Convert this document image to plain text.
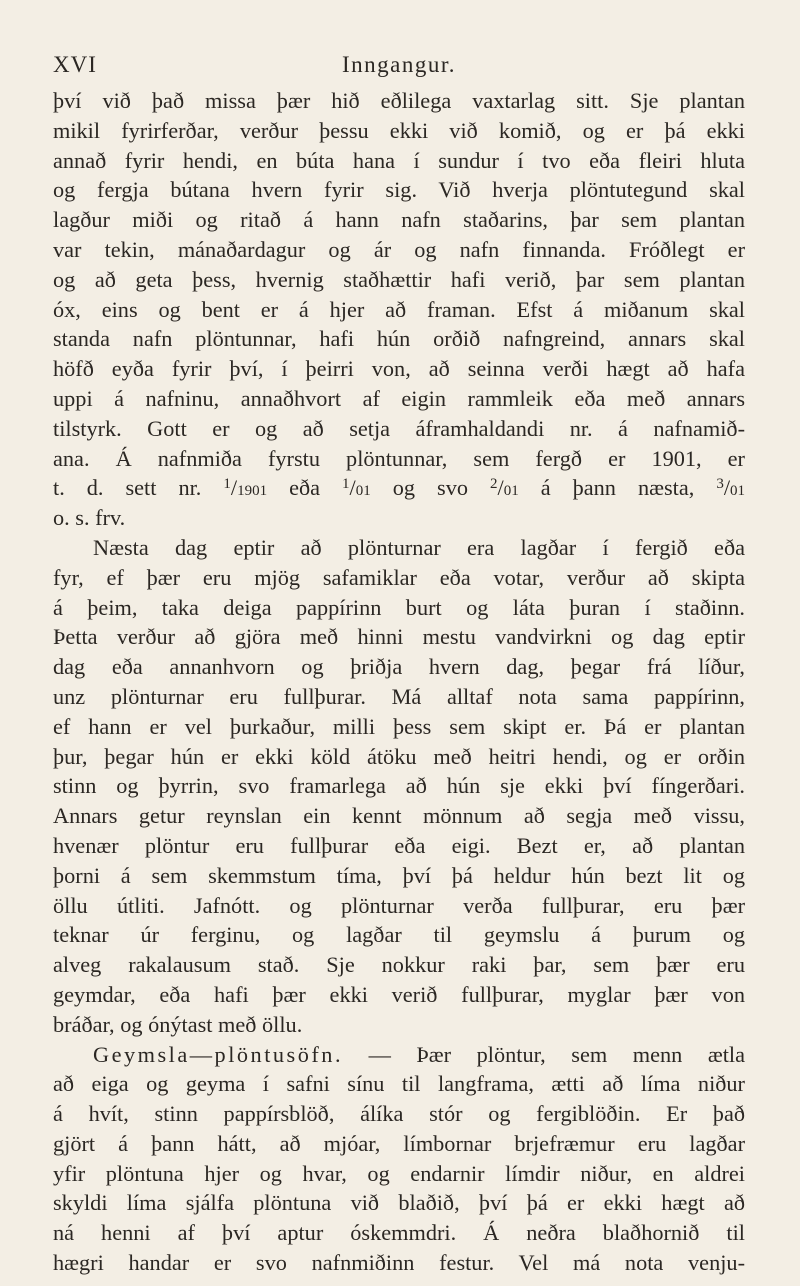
XVI	Inngangur.
því við það missa þær hið eðlilega vaxtarlag sitt. Sje plantan
mikil fyrirferðar, verður þessu ekki við komið, og er þá ekki
annað fyrir hendi, en búta hana í sundur í tvo eða fleiri hluta
og fergja bútana hvern fyrir sig. Við hverja plöntutegund skal
lagður miði og ritað á hann nafn staðarins, þar sem plantan
var tekin, mánaðardagur og ár og nafn finnanda. Fróðlegt er
og að geta þess, hvernig staðhættir hafi verið, þar sem plantan
óx, eins og bent er á hjer að framan. Efst á miðanum skal
standa nafn plöntunnar, hafi hún orðið nafngreind, annars skal
höfð eyða fyrir því, í þeirri von, að seinna verði hægt að hafa
uppi á nafninu, annaðhvort af eigin rammleik eða með annars
tilstyrk. Gott er og að setja áframhaldandi nr. á nafnamið-
ana. Á nafnmiða fyrstu plöntunnar, sem fergð er 1901, er
t. d. sett nr. $^1$/1901 eða $^1$/01 og svo $^2$/01 á þann næsta, $^3$/01
o. s. frv.
Næsta dag eptir að plönturnar era lagðar í fergið eða
fyr, ef þær eru mjög safamiklar eða votar, verður að skipta
á þeim, taka deiga pappírinn burt og láta þuran í staðinn.
Þetta verður að gjöra með hinni mestu vandvirkni og dag eptir
dag eða annanhvorn og þriðja hvern dag, þegar frá líður,
unz plönturnar eru fullþurar. Má alltaf nota sama pappírinn,
ef hann er vel þurkaður, milli þess sem skipt er. Þá er plantan
þur, þegar hún er ekki köld átöku með heitri hendi, og er orðin
stinn og þyrrin, svo framarlega að hún sje ekki því fíngerðari.
Annars getur reynslan ein kennt mönnum að segja með vissu,
hvenær plöntur eru fullþurar eða eigi. Bezt er, að plantan
þorni á sem skemmstum tíma, því þá heldur hún bezt lit og
öllu útliti. Jafnótt. og plönturnar verða fullþurar, eru þær
teknar úr ferginu, og lagðar til geymslu á þurum og
alveg rakalausum stað. Sje nokkur raki þar, sem þær eru
geymdar, eða hafi þær ekki verið fullþurar, myglar þær von
bráðar, og ónýtast með öllu.
Geymsla—plöntusöfn. — Þær plöntur, sem menn ætla
að eiga og geyma í safni sínu til langframa, ætti að líma niður
á hvít, stinn pappírsblöð, álíka stór og fergiblöðin. Er það
gjört á þann hátt, að mjóar, límbornar brjefræmur eru lagðar
yfir plöntuna hjer og hvar, og endarnir límdir niður, en aldrei
skyldi líma sjálfa plöntuna við blaðið, því þá er ekki hægt að
ná henni af því aptur óskemmdri. Á neðra blaðhornið til
hægri handar er svo nafnmiðinn festur. Vel má nota venju-
